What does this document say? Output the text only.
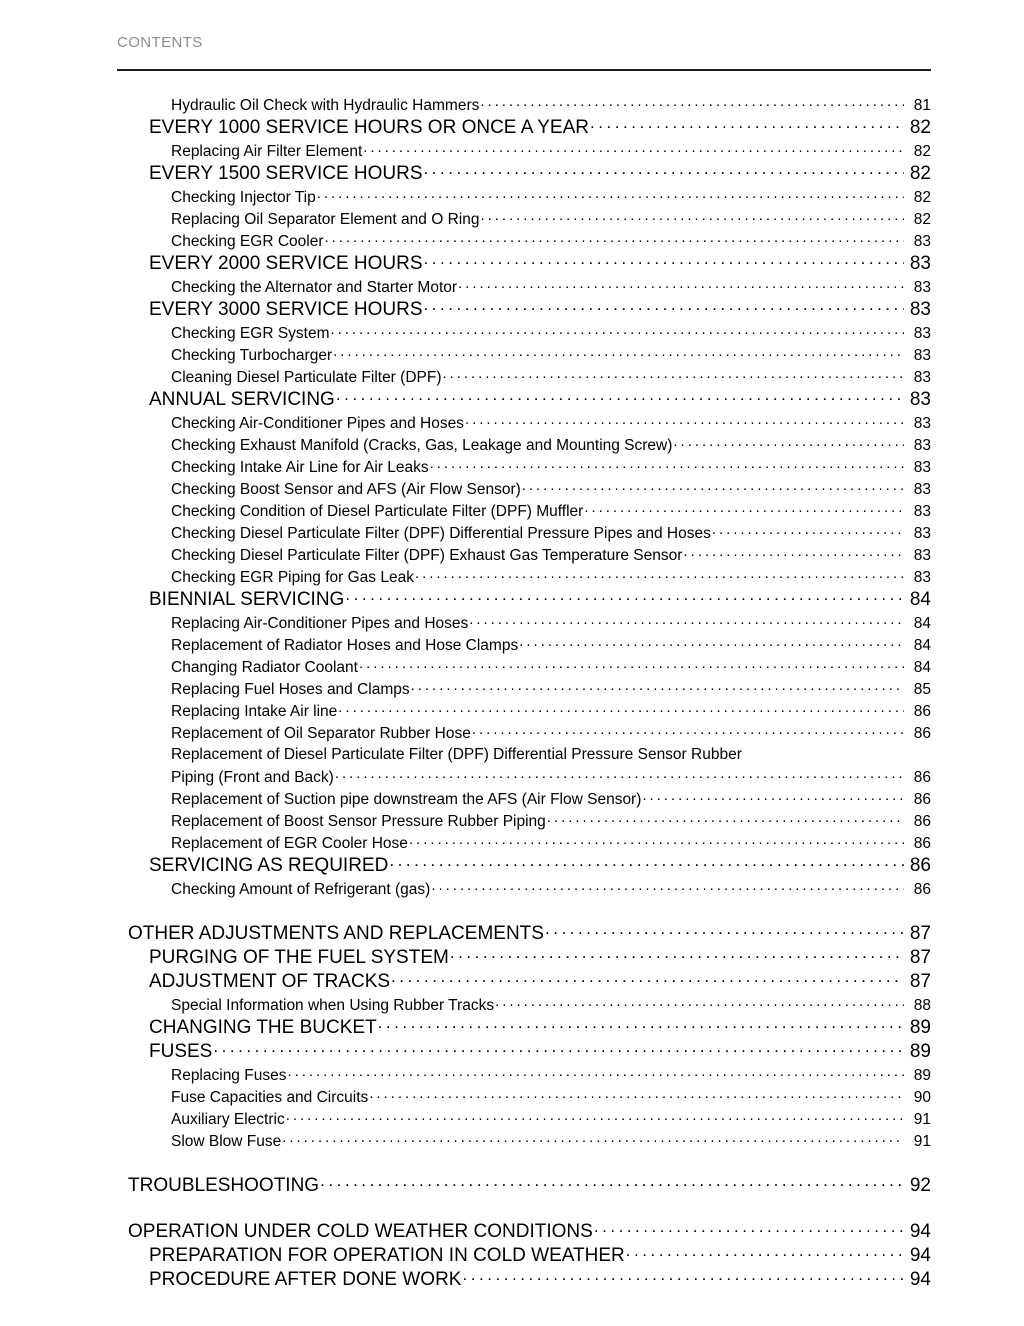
CONTENTS
Hydraulic Oil Check with Hydraulic Hammers . . .	81
EVERY 1000 SERVICE HOURS OR ONCE A YEAR . . .	82
Replacing Air Filter Element . . .	82
EVERY 1500 SERVICE HOURS . . .	82
Checking Injector Tip . . .	82
Replacing Oil Separator Element and O Ring . . .	82
Checking EGR Cooler . . .	83
EVERY 2000 SERVICE HOURS . . .	83
Checking the Alternator and Starter Motor . . .	83
EVERY 3000 SERVICE HOURS . . .	83
Checking EGR System . . .	83
Checking Turbocharger . . .	83
Cleaning Diesel Particulate Filter (DPF) . . .	83
ANNUAL SERVICING . . .	83
Checking Air-Conditioner Pipes and Hoses . . .	83
Checking Exhaust Manifold (Cracks, Gas, Leakage and Mounting Screw) . . .	83
Checking Intake Air Line for Air Leaks . . .	83
Checking Boost Sensor and AFS (Air Flow Sensor) . . .	83
Checking Condition of Diesel Particulate Filter (DPF) Muffler . . .	83
Checking Diesel Particulate Filter (DPF) Differential Pressure Pipes and Hoses . . .	83
Checking Diesel Particulate Filter (DPF) Exhaust Gas Temperature Sensor . . .	83
Checking EGR Piping for Gas Leak . . .	83
BIENNIAL SERVICING . . .	84
Replacing Air-Conditioner Pipes and Hoses . . .	84
Replacement of Radiator Hoses and Hose Clamps . . .	84
Changing Radiator Coolant . . .	84
Replacing Fuel Hoses and Clamps . . .	85
Replacing Intake Air line . . .	86
Replacement of Oil Separator Rubber Hose . . .	86
Replacement of Diesel Particulate Filter (DPF) Differential Pressure Sensor Rubber
Piping (Front and Back) . . .	86
Replacement of Suction pipe downstream the AFS (Air Flow Sensor) . . .	86
Replacement of Boost Sensor Pressure Rubber Piping . . .	86
Replacement of EGR Cooler Hose . . .	86
SERVICING AS REQUIRED . . .	86
Checking Amount of Refrigerant (gas) . . .	86
OTHER ADJUSTMENTS AND REPLACEMENTS . . .	87
PURGING OF THE FUEL SYSTEM . . .	87
ADJUSTMENT OF TRACKS . . .	87
Special Information when Using Rubber Tracks . . .	88
CHANGING THE BUCKET . . .	89
FUSES . . .	89
Replacing Fuses . . .	89
Fuse Capacities and Circuits . . .	90
Auxiliary Electric . . .	91
Slow Blow Fuse . . .	91
TROUBLESHOOTING . . .	92
OPERATION UNDER COLD WEATHER CONDITIONS . . .	94
PREPARATION FOR OPERATION IN COLD WEATHER . . .	94
PROCEDURE AFTER DONE WORK . . .	94
